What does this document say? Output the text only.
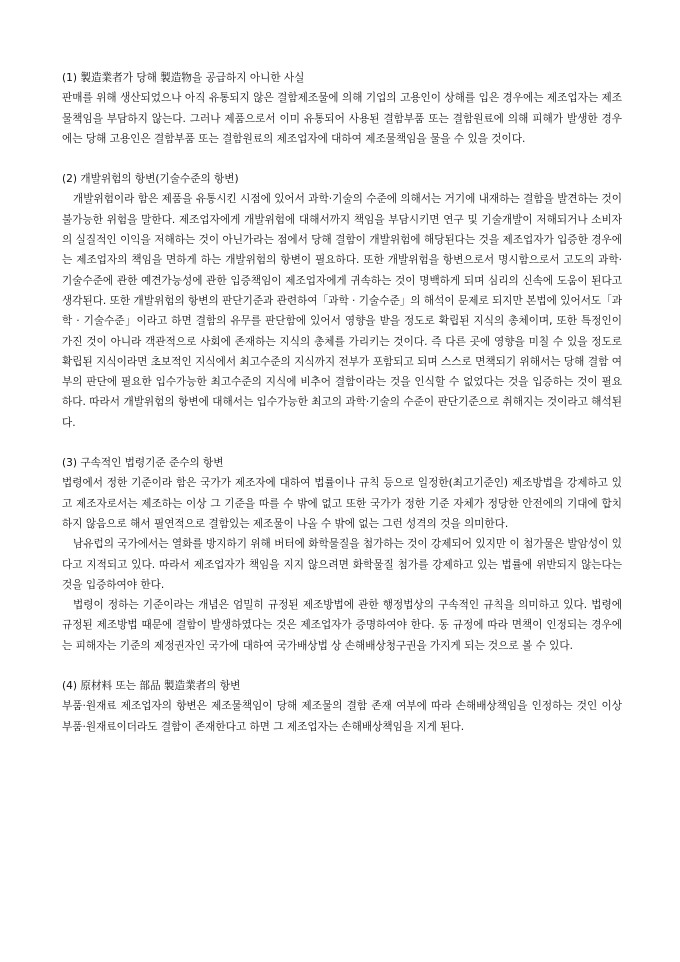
(1) 製造業者가 당해 製造物을 공급하지 아니한 사실

판매를 위해 생산되었으나 아직 유통되지 않은 결함제조물에 의해 기업의 고용인이 상해를 입은 경우에는 제조업자는 제조물책임을 부담하지 않는다. 그러나 제품으로서 이미 유통되어 사용된 결함부품 또는 결함원료에 의해 피해가 발생한 경우에는 당해 고용인은 결함부품 또는 결함원료의 제조업자에 대하여 제조물책임을 물을 수 있을 것이다.

(2) 개발위험의 항변(기술수준의 항변)

개발위험이라 함은 제품을 유통시킨 시점에 있어서 과학·기술의 수준에 의해서는 거기에 내재하는 결함을 발견하는 것이 불가능한 위험을 말한다. 제조업자에게 개발위험에 대해서까지 책임을 부담시키면 연구 및 기술개발이 저해되거나 소비자의 실질적인 이익을 저해하는 것이 아닌가라는 점에서 당해 결함이 개발위험에 해당된다는 것을 제조업자가 입증한 경우에는 제조업자의 책임을 면하게 하는 개발위험의 항변이 필요하다. 또한 개발위험을 항변으로서 명시함으로서 고도의 과학·기술수준에 관한 예견가능성에 관한 입증책임이 제조업자에게 귀속하는 것이 명백하게 되며 심리의 신속에 도움이 된다고 생각된다. 또한 개발위험의 항변의 판단기준과 관련하여「과학 · 기술수준」의 해석이 문제로 되지만 본법에 있어서도「과학 · 기술수준」이라고 하면 결함의 유무를 판단함에 있어서 영향을 받을 정도로 확립된 지식의 총체이며, 또한 특정인이 가진 것이 아니라 객관적으로 사회에 존재하는 지식의 총체를 가리키는 것이다. 즉 다른 곳에 영향을 미칠 수 있을 정도로 확립된 지식이라면 초보적인 지식에서 최고수준의 지식까지 전부가 포함되고 되며 스스로 면책되기 위해서는 당해 결함 여부의 판단에 필요한 입수가능한 최고수준의 지식에 비추어 결함이라는 것을 인식할 수 없었다는 것을 입증하는 것이 필요하다. 따라서 개발위험의 항변에 대해서는 입수가능한 최고의 과학·기술의 수준이 판단기준으로 취해지는 것이라고 해석된다.

(3) 구속적인 법령기준 준수의 항변

법령에서 정한 기준이라 함은 국가가 제조자에 대하여 법률이나 규칙 등으로 일정한(최고기준인) 제조방법을 강제하고 있고 제조자로서는 제조하는 이상 그 기준을 따를 수 밖에 없고 또한 국가가 정한 기준 자체가 정당한 안전에의 기대에 합치하지 않음으로 해서 필연적으로 결함있는 제조물이 나올 수 밖에 없는 그런 성격의 것을 의미한다.

남유럽의 국가에서는 열화를 방지하기 위해 버터에 화학물질을 첨가하는 것이 강제되어 있지만 이 첨가물은 발암성이 있다고 지적되고 있다. 따라서 제조업자가 책임을 지지 않으려면 화학물질 첨가를 강제하고 있는 법률에 위반되지 않는다는 것을 입증하여야 한다.

법령이 정하는 기준이라는 개념은 엄밀히 규정된 제조방법에 관한 행정법상의 구속적인 규칙을 의미하고 있다. 법령에 규정된 제조방법 때문에 결함이 발생하였다는 것은 제조업자가 증명하여야 한다. 동 규정에 따라 면책이 인정되는 경우에는 피해자는 기준의 제정권자인 국가에 대하여 국가배상법 상 손해배상청구권을 가지게 되는 것으로 볼 수 있다.

(4) 原材料 또는 部品 製造業者의 항변

부품·원재료 제조업자의 항변은 제조물책임이 당해 제조물의 결함 존재 여부에 따라 손해배상책임을 인정하는 것인 이상 부품·원재료이더라도 결함이 존재한다고 하면 그 제조업자는 손해배상책임을 지게 된다.
